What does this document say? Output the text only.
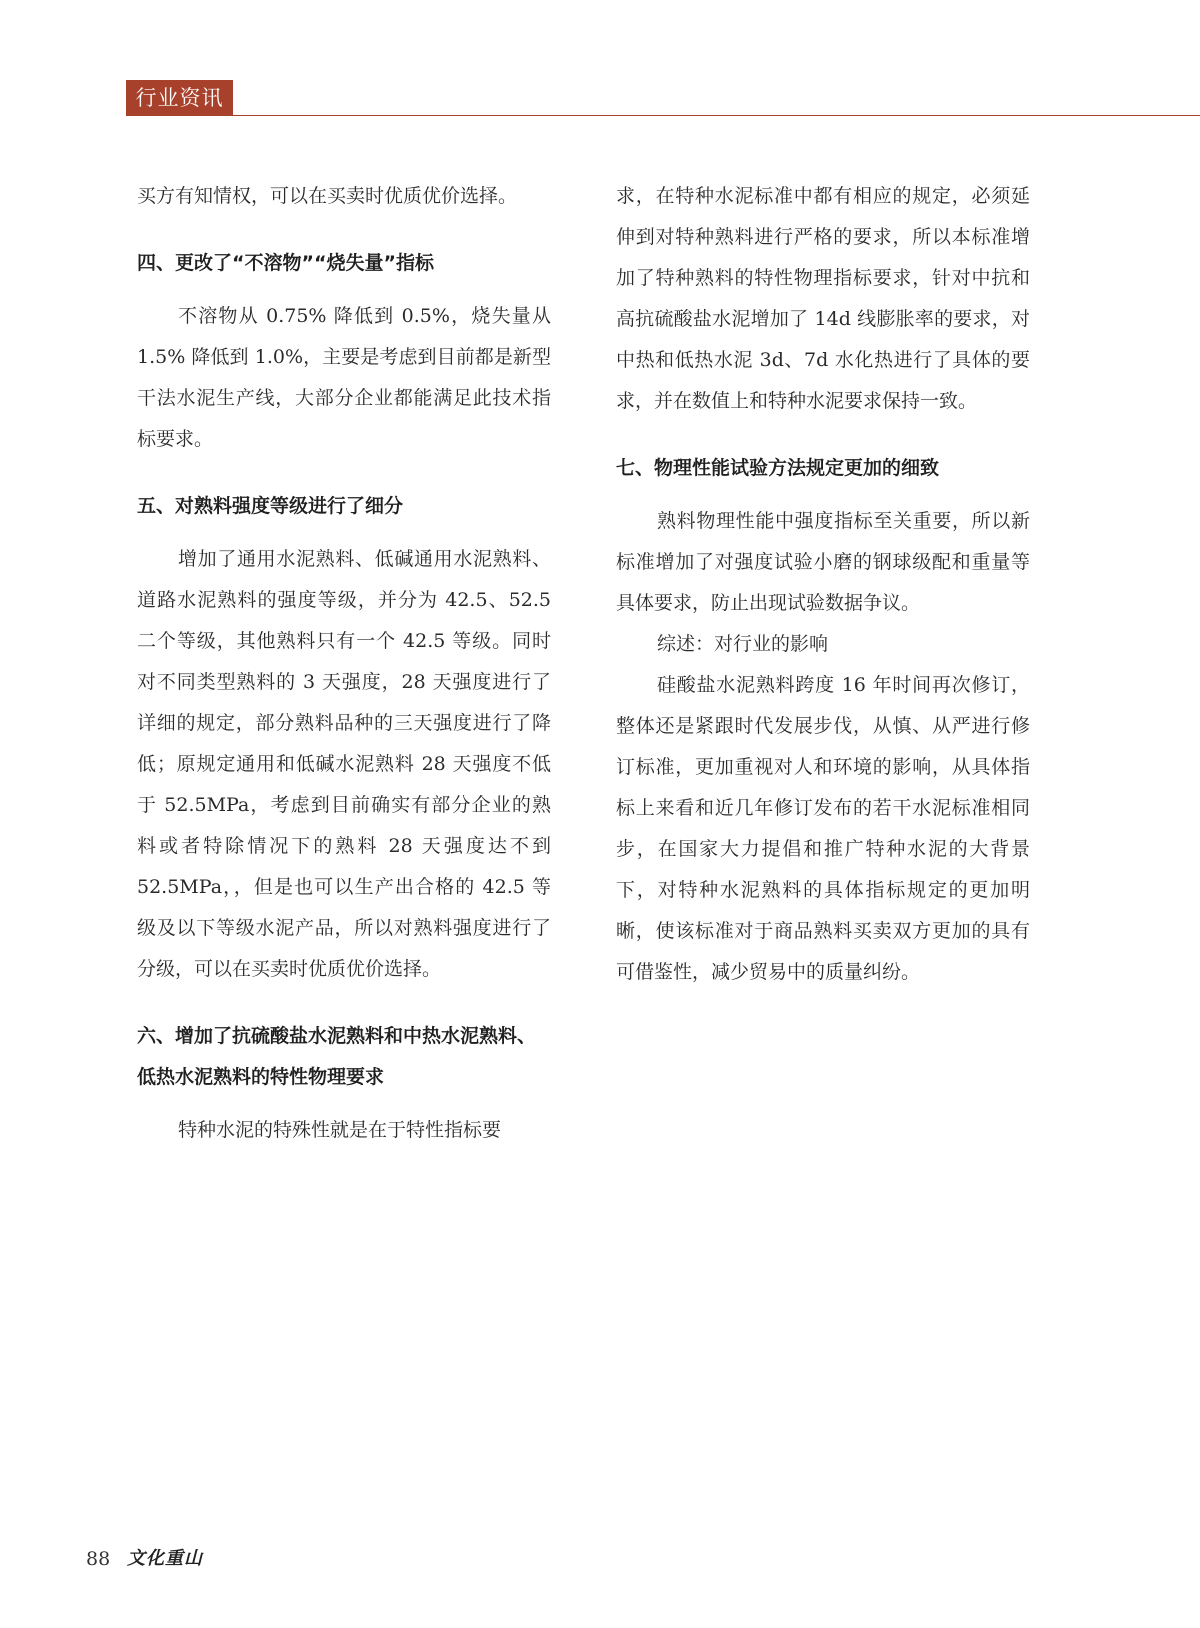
行业资讯

买方有知情权，可以在买卖时优质优价选择。

四、更改了“不溶物”“烧失量”指标

不溶物从 0.75% 降低到 0.5%，烧失量从 1.5% 降低到 1.0%，主要是考虑到目前都是新型干法水泥生产线，大部分企业都能满足此技术指标要求。

五、对熟料强度等级进行了细分

增加了通用水泥熟料、低碱通用水泥熟料、道路水泥熟料的强度等级，并分为 42.5、52.5 二个等级，其他熟料只有一个 42.5 等级。同时对不同类型熟料的 3 天强度，28 天强度进行了详细的规定，部分熟料品种的三天强度进行了降低；原规定通用和低碱水泥熟料 28 天强度不低于 52.5MPa，考虑到目前确实有部分企业的熟料或者特除情况下的熟料 28 天强度达不到 52.5MPa，，但是也可以生产出合格的 42.5 等级及以下等级水泥产品，所以对熟料强度进行了分级，可以在买卖时优质优价选择。

六、增加了抗硫酸盐水泥熟料和中热水泥熟料、低热水泥熟料的特性物理要求

特种水泥的特殊性就是在于特性指标要

求，在特种水泥标准中都有相应的规定，必须延伸到对特种熟料进行严格的要求，所以本标准增加了特种熟料的特性物理指标要求，针对中抗和高抗硫酸盐水泥增加了 14d 线膨胀率的要求，对中热和低热水泥 3d、7d 水化热进行了具体的要求，并在数值上和特种水泥要求保持一致。

七、物理性能试验方法规定更加的细致

熟料物理性能中强度指标至关重要，所以新标准增加了对强度试验小磨的钢球级配和重量等具体要求，防止出现试验数据争议。

综述：对行业的影响

硅酸盐水泥熟料跨度 16 年时间再次修订，整体还是紧跟时代发展步伐，从慎、从严进行修订标准，更加重视对人和环境的影响，从具体指标上来看和近几年修订发布的若干水泥标准相同步，在国家大力提倡和推广特种水泥的大背景下，对特种水泥熟料的具体指标规定的更加明晰，使该标准对于商品熟料买卖双方更加的具有可借鉴性，减少贸易中的质量纠纷。

88 文化重山
